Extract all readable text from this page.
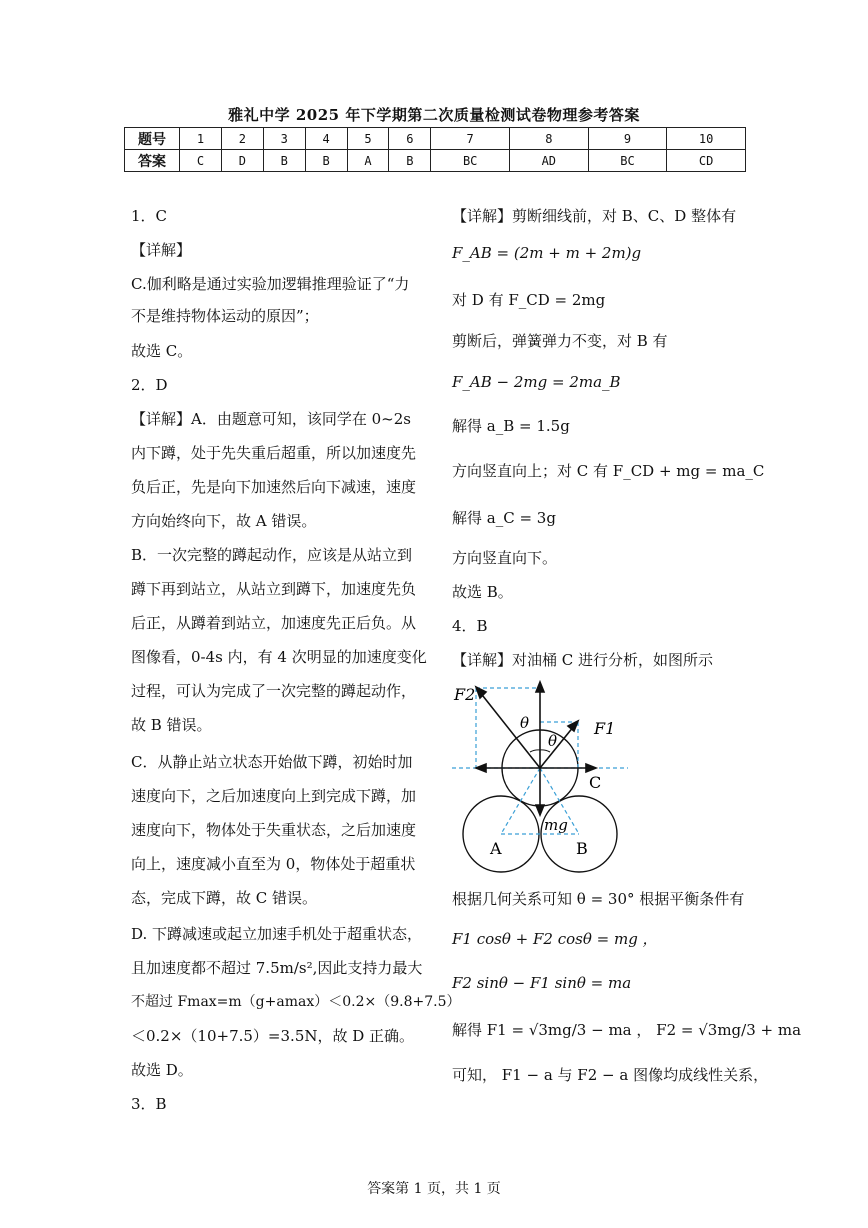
雅礼中学 2025 年下学期第二次质量检测试卷物理参考答案
题号	1	2	3	4	5	6	7	8	9	10
答案	C	D	B	B	A	B	BC	AD	BC	CD
1．C
【详解】
C.伽利略是通过实验加逻辑推理验证了“力
不是维持物体运动的原因”；
故选 C。
2．D
【详解】A．由题意可知，该同学在 0~2s
内下蹲，处于先失重后超重，所以加速度先
负后正，先是向下加速然后向下减速，速度
方向始终向下，故 A 错误。
B．一次完整的蹲起动作，应该是从站立到
蹲下再到站立，从站立到蹲下，加速度先负
后正，从蹲着到站立，加速度先正后负。从
图像看，0-4s 内，有 4 次明显的加速度变化
过程，可认为完成了一次完整的蹲起动作，
故 B 错误。
C．从静止站立状态开始做下蹲，初始时加
速度向下，之后加速度向上到完成下蹲，加
速度向下，物体处于失重状态，之后加速度
向上，速度减小直至为 0，物体处于超重状
态，完成下蹲，故 C 错误。
D. 下蹲减速或起立加速手机处于超重状态，
且加速度都不超过 7.5m/s²,因此支持力最大
不超过 Fmax=m（g+amax）＜0.2×（9.8+7.5）
＜0.2×（10+7.5）=3.5N，故 D 正确。
故选 D。
3．B
【详解】剪断细线前，对 B、C、D 整体有
F_AB = (2m + m + 2m)g
对 D 有 F_CD = 2mg
剪断后，弹簧弹力不变，对 B 有
F_AB − 2mg = 2ma_B
解得 a_B = 1.5g
方向竖直向上；对 C 有 F_CD + mg = ma_C
解得 a_C = 3g
方向竖直向下。
故选 B。
4．B
【详解】对油桶 C 进行分析，如图所示
F2
F1
θ
θ
C
mg
A	B
根据几何关系可知 θ = 30° 根据平衡条件有
F1 cosθ + F2 cosθ = mg ，
F2 sinθ − F1 sinθ = ma
解得 F1 = √3mg/3 − ma ， F2 = √3mg/3 + ma
可知， F1 − a 与 F2 − a 图像均成线性关系，
答案第 1 页，共 1 页
